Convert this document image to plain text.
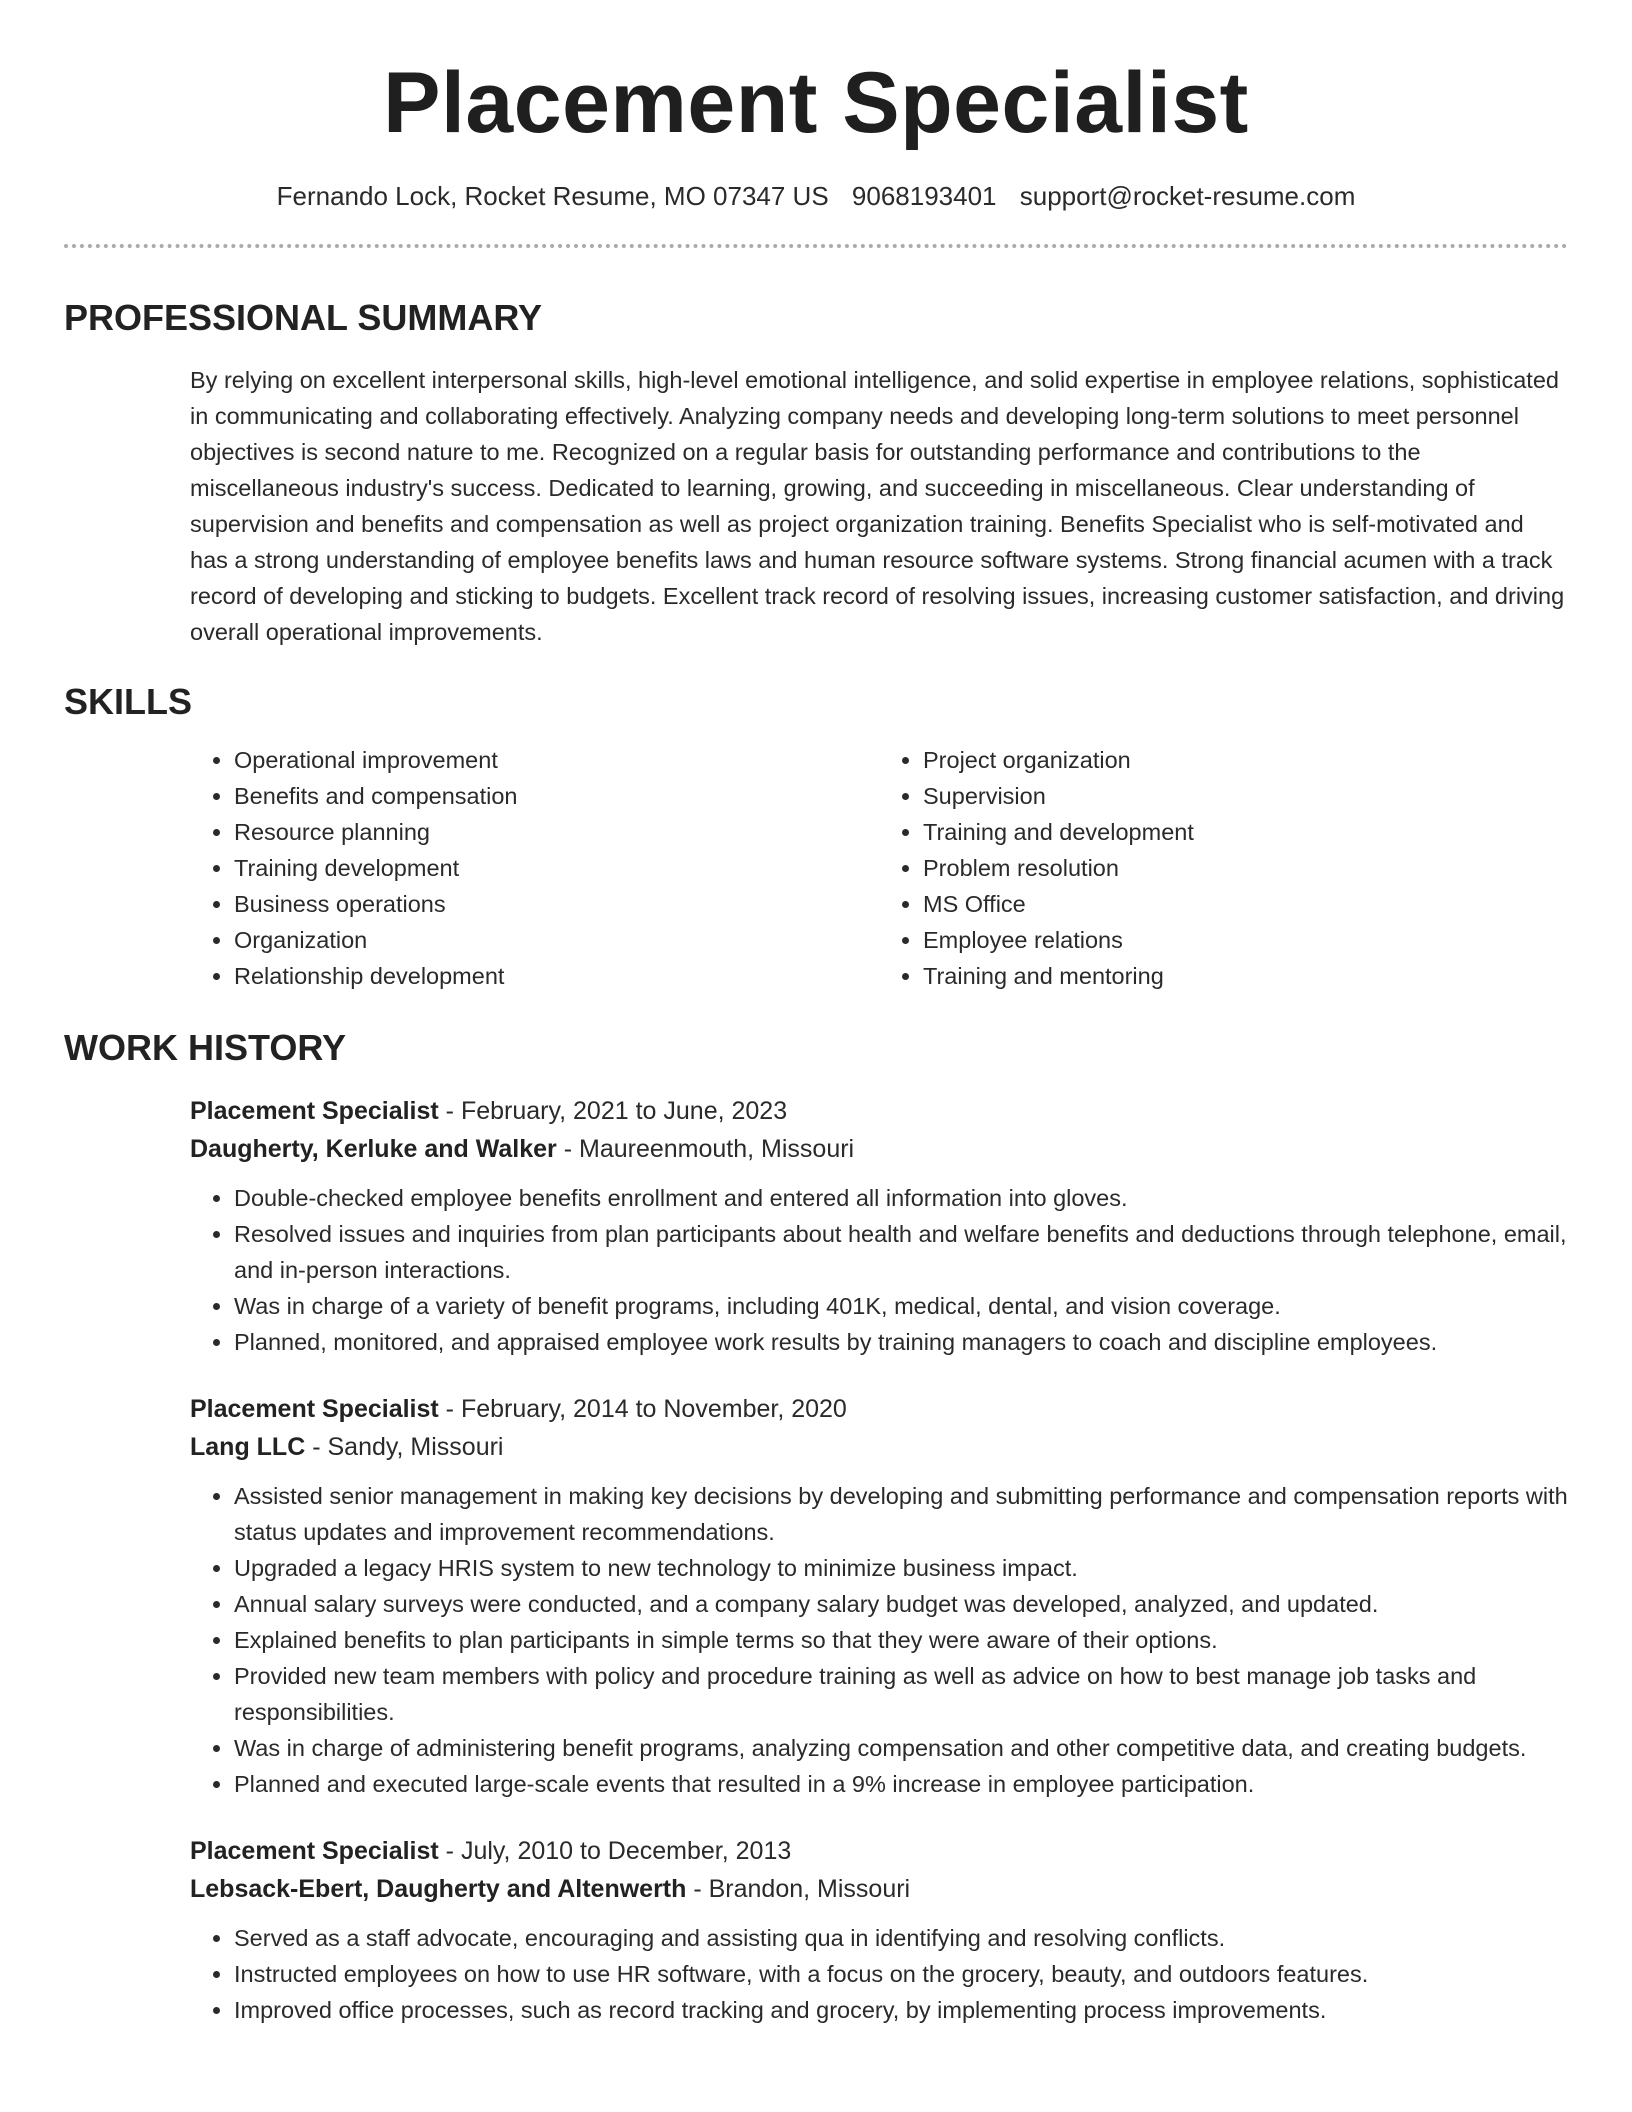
Placement Specialist
Fernando Lock, Rocket Resume, MO 07347 US 9068193401 support@rocket-resume.com
PROFESSIONAL SUMMARY

By relying on excellent interpersonal skills, high-level emotional intelligence, and solid expertise in employee relations, sophisticated in communicating and collaborating effectively. Analyzing company needs and developing long-term solutions to meet personnel objectives is second nature to me. Recognized on a regular basis for outstanding performance and contributions to the miscellaneous industry's success. Dedicated to learning, growing, and succeeding in miscellaneous. Clear understanding of supervision and benefits and compensation as well as project organization training. Benefits Specialist who is self-motivated and has a strong understanding of employee benefits laws and human resource software systems. Strong financial acumen with a track record of developing and sticking to budgets. Excellent track record of resolving issues, increasing customer satisfaction, and driving overall operational improvements.

SKILLS
• Operational improvement
• Benefits and compensation
• Resource planning
• Training development
• Business operations
• Organization
• Relationship development
• Project organization
• Supervision
• Training and development
• Problem resolution
• MS Office
• Employee relations
• Training and mentoring
WORK HISTORY
Placement Specialist - February, 2021 to June, 2023
Daugherty, Kerluke and Walker - Maureenmouth, Missouri
• Double-checked employee benefits enrollment and entered all information into gloves.
• Resolved issues and inquiries from plan participants about health and welfare benefits and deductions through telephone, email, and in-person interactions.
• Was in charge of a variety of benefit programs, including 401K, medical, dental, and vision coverage.
• Planned, monitored, and appraised employee work results by training managers to coach and discipline employees.
Placement Specialist - February, 2014 to November, 2020
Lang LLC - Sandy, Missouri
• Assisted senior management in making key decisions by developing and submitting performance and compensation reports with status updates and improvement recommendations.
• Upgraded a legacy HRIS system to new technology to minimize business impact.
• Annual salary surveys were conducted, and a company salary budget was developed, analyzed, and updated.
• Explained benefits to plan participants in simple terms so that they were aware of their options.
• Provided new team members with policy and procedure training as well as advice on how to best manage job tasks and responsibilities.
• Was in charge of administering benefit programs, analyzing compensation and other competitive data, and creating budgets.
• Planned and executed large-scale events that resulted in a 9% increase in employee participation.
Placement Specialist - July, 2010 to December, 2013
Lebsack-Ebert, Daugherty and Altenwerth - Brandon, Missouri
• Served as a staff advocate, encouraging and assisting qua in identifying and resolving conflicts.
• Instructed employees on how to use HR software, with a focus on the grocery, beauty, and outdoors features.
• Improved office processes, such as record tracking and grocery, by implementing process improvements.
